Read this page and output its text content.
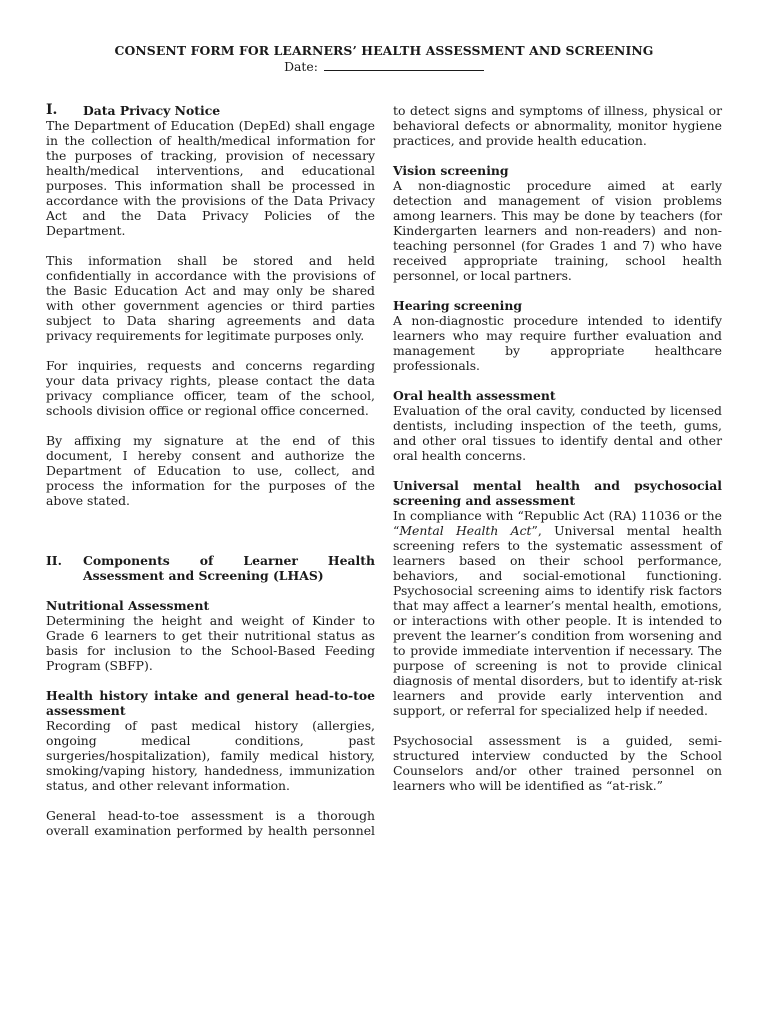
CONSENT FORM FOR LEARNERS’ HEALTH ASSESSMENT AND SCREENING
Date:
I.	Data Privacy Notice

The Department of Education (DepEd) shall engage in the collection of health/medical information for the purposes of tracking, provision of necessary health/medical interventions, and educational purposes. This information shall be processed in accordance with the provisions of the Data Privacy Act and the Data Privacy Policies of the Department.

This information shall be stored and held confidentially in accordance with the provisions of the Basic Education Act and may only be shared with other government agencies or third parties subject to Data sharing agreements and data privacy requirements for legitimate purposes only.

For inquiries, requests and concerns regarding your data privacy rights, please contact the data privacy compliance officer, team of the school, schools division office or regional office concerned.

By affixing my signature at the end of this document, I hereby consent and authorize the Department of Education to use, collect, and process the information for the purposes of the above stated.

II.	Components of Learner Health Assessment and Screening (LHAS)
Nutritional Assessment

Determining the height and weight of Kinder to Grade 6 learners to get their nutritional status as basis for inclusion to the School-Based Feeding Program (SBFP).

Health history intake and general head-to-toe assessment

Recording of past medical history (allergies, ongoing medical conditions, past surgeries/hospitalization), family medical history, smoking/vaping history, handedness, immunization status, and other relevant information.

General head-to-toe assessment is a thorough overall examination performed by health personnel

to detect signs and symptoms of illness, physical or behavioral defects or abnormality, monitor hygiene practices, and provide health education.

Vision screening

A non-diagnostic procedure aimed at early detection and management of vision problems among learners. This may be done by teachers (for Kindergarten learners and non-readers) and non-teaching personnel (for Grades 1 and 7) who have received appropriate training, school health personnel, or local partners.

Hearing screening

A non-diagnostic procedure intended to identify learners who may require further evaluation and management by appropriate healthcare professionals.

Oral health assessment

Evaluation of the oral cavity, conducted by licensed dentists, including inspection of the teeth, gums, and other oral tissues to identify dental and other oral health concerns.

Universal mental health and psychosocial screening and assessment

In compliance with “Republic Act (RA) 11036 or the “Mental Health Act”, Universal mental health screening refers to the systematic assessment of learners based on their school performance, behaviors, and social-emotional functioning. Psychosocial screening aims to identify risk factors that may affect a learner’s mental health, emotions, or interactions with other people. It is intended to prevent the learner’s condition from worsening and to provide immediate intervention if necessary. The purpose of screening is not to provide clinical diagnosis of mental disorders, but to identify at-risk learners and provide early intervention and support, or referral for specialized help if needed.

Psychosocial assessment is a guided, semi-structured interview conducted by the School Counselors and/or other trained personnel on learners who will be identified as “at-risk.”
